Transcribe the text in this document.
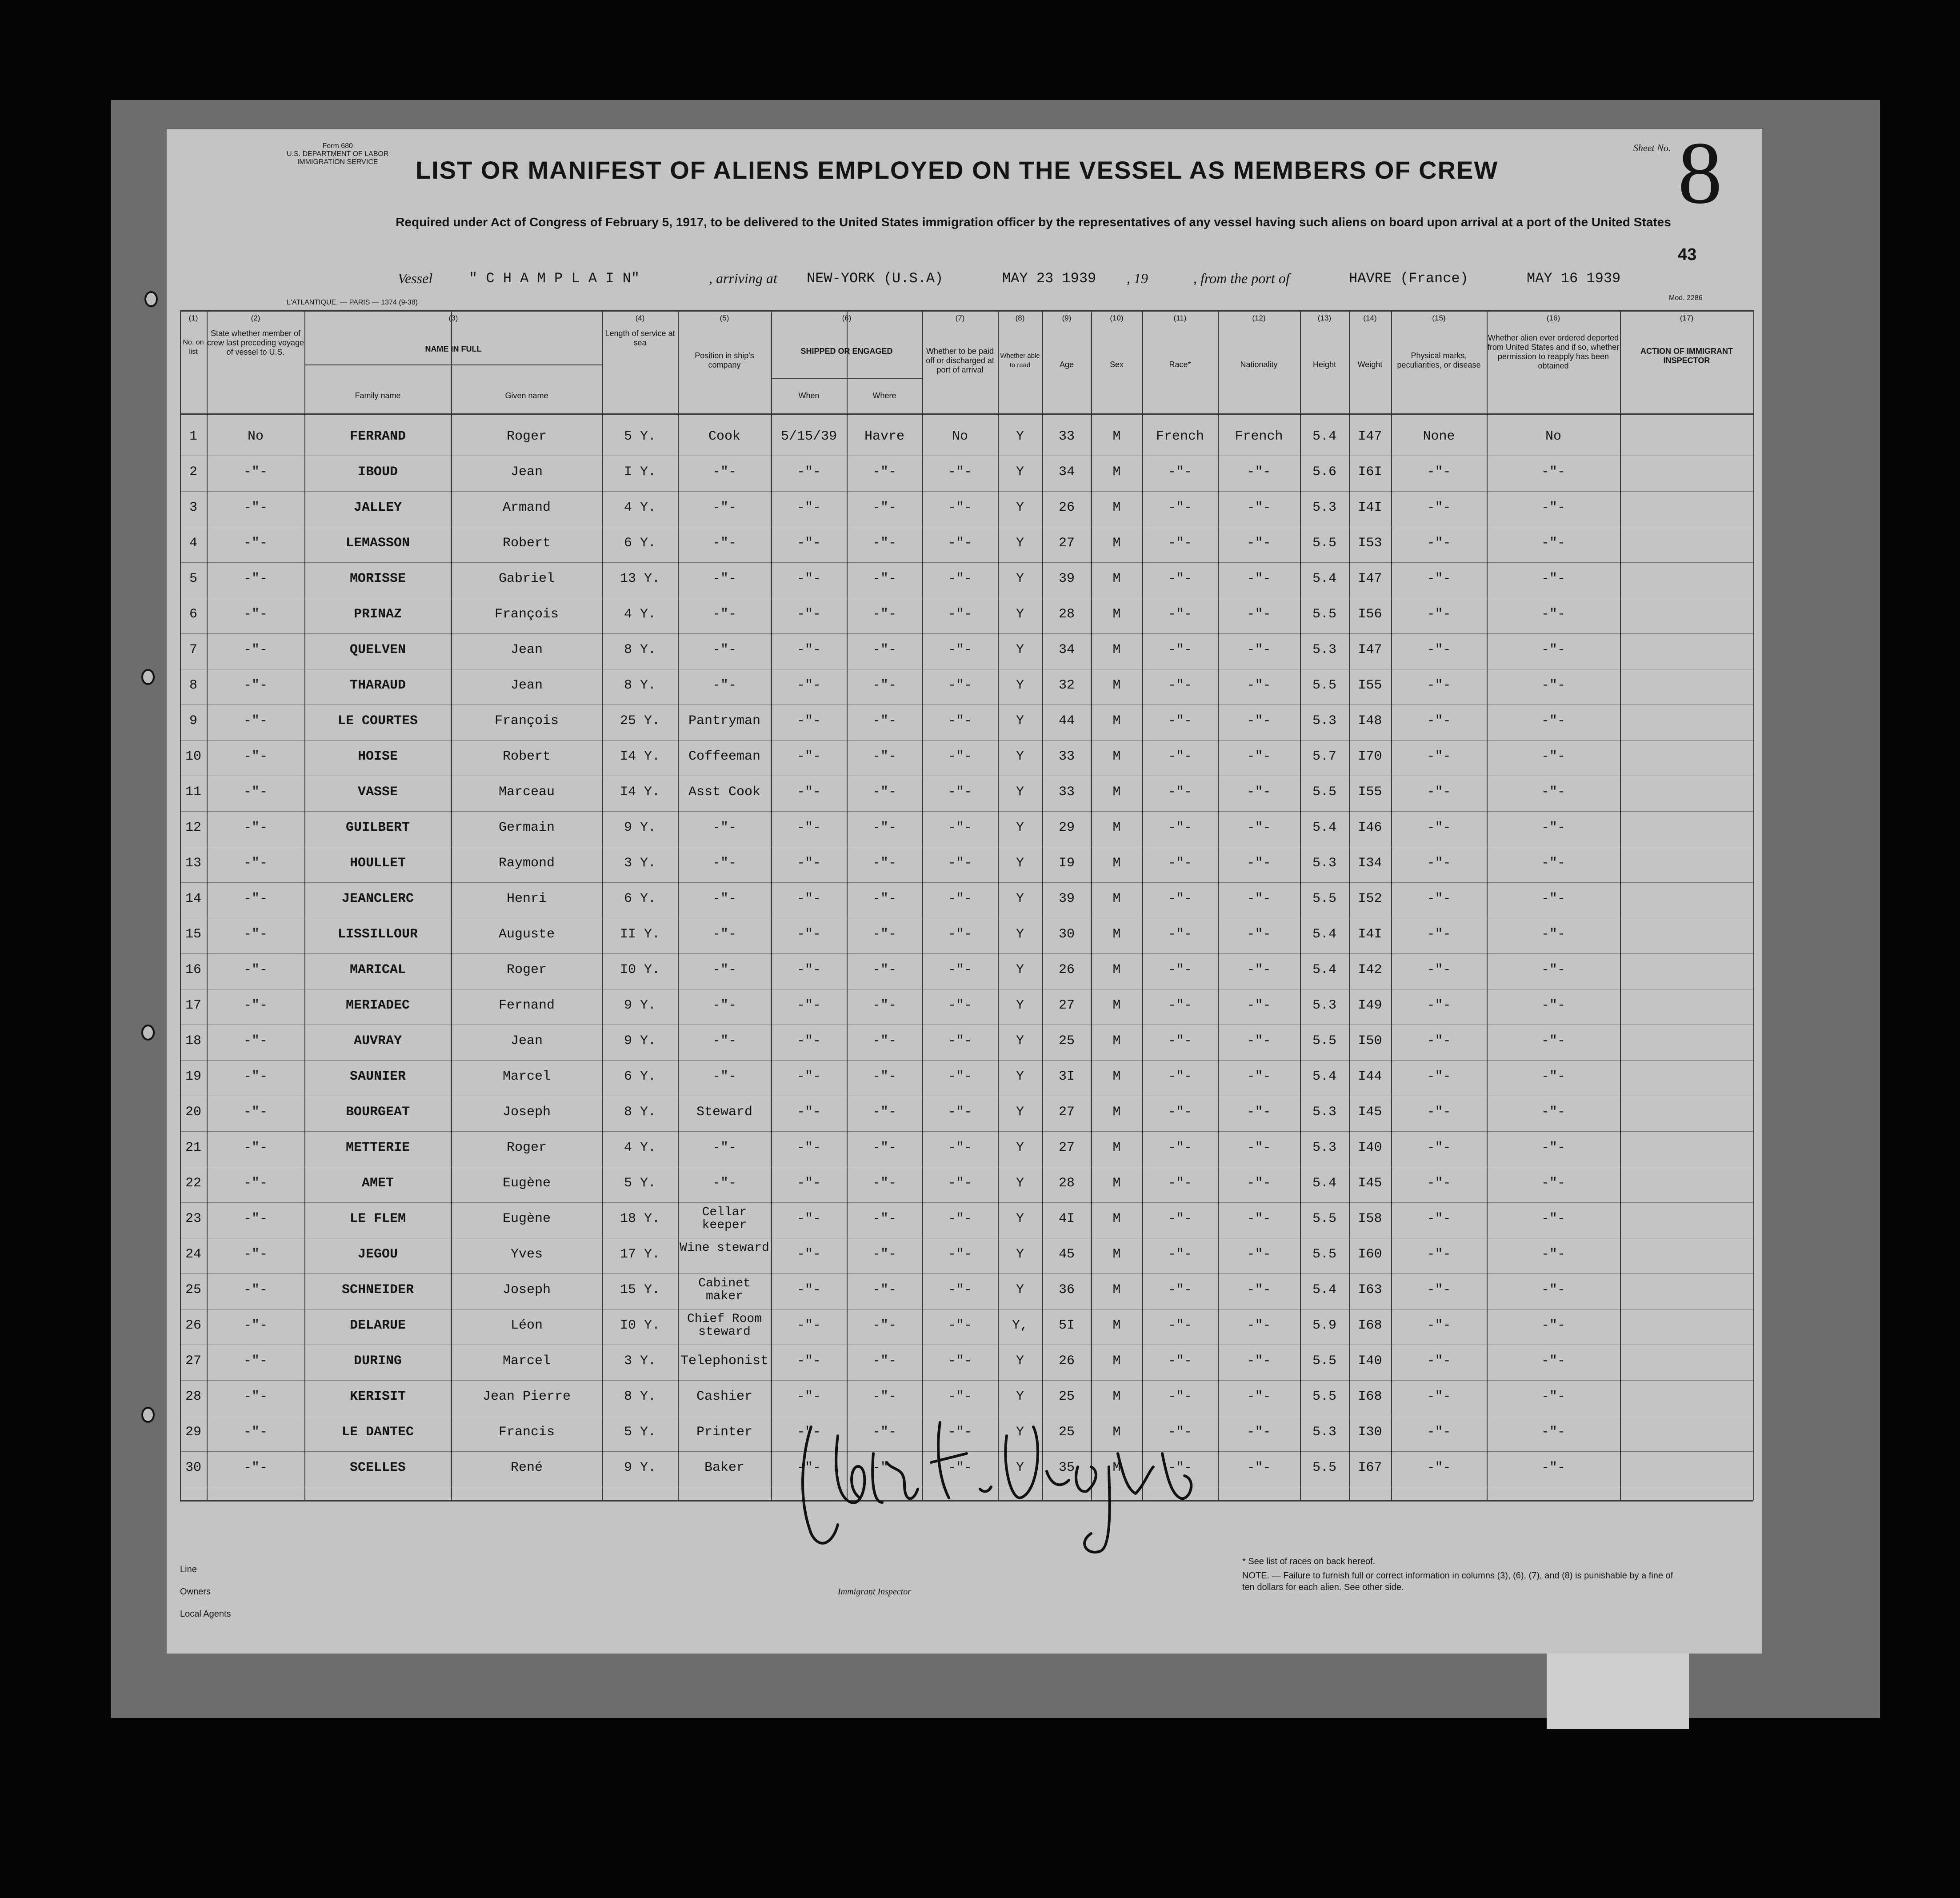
Form 680
U.S. DEPARTMENT OF LABOR
IMMIGRATION SERVICE
Sheet No. 8
LIST OR MANIFEST OF ALIENS EMPLOYED ON THE VESSEL AS MEMBERS OF CREW
Required under Act of Congress of February 5, 1917, to be delivered to the United States immigration officer by the representatives of any vessel having such aliens on board upon arrival at a port of the United States
43
Vessel	" C H A M P L A I N"	, arriving at NEW-YORK (U.S.A)	MAY 23 1939 , 19	, from the port of	HAVRE (France)	MAY 16 1939
L'ATLANTIQUE. — PARIS — 1374 (9-38)
Mod. 2286
(1)	(2)	(3)	(4)	(5)	(6)	(7)	(8)	(9)	(10)	(11)	(12)	(13)	(14)	(15)	(16)	(17)
No. on list
State whether member of crew last preceding voyage of vessel to U.S.	NAME IN FULL
Family name	Given name
Length of service at sea
Position in ship's company
SHIPPED OR ENGAGED
When	Where
Whether to be paid off or discharged at port of arrival
Whether able to read	Age	Sex	Race*	Nationality	Height	Weight
Physical marks, peculiarities, or disease
Whether alien ever ordered deported from United States and if so, whether permission to reapply has been obtained
ACTION OF IMMIGRANT INSPECTOR
1	No	FERRAND	Roger	5 Y.	Cook	5/15/39	Havre	No	Y	33	M	French	French	5.4	I47	None	No
2	-"-	IBOUD	Jean	I Y.	-"-	-"-	-"-	-"-	Y	34	M	-"-	-"-	5.6	I6I	-"-	-"-
3	-"-	JALLEY	Armand	4 Y.	-"-	-"-	-"-	-"-	Y	26	M	-"-	-"-	5.3	I4I	-"-	-"-
4	-"-	LEMASSON	Robert	6 Y.	-"-	-"-	-"-	-"-	Y	27	M	-"-	-"-	5.5	I53	-"-	-"-
5	-"-	MORISSE	Gabriel	13 Y.	-"-	-"-	-"-	-"-	Y	39	M	-"-	-"-	5.4	I47	-"-	-"-
6	-"-	PRINAZ	François	4 Y.	-"-	-"-	-"-	-"-	Y	28	M	-"-	-"-	5.5	I56	-"-	-"-
7	-"-	QUELVEN	Jean	8 Y.	-"-	-"-	-"-	-"-	Y	34	M	-"-	-"-	5.3	I47	-"-	-"-
8	-"-	THARAUD	Jean	8 Y.	-"-	-"-	-"-	-"-	Y	32	M	-"-	-"-	5.5	I55	-"-	-"-
9	-"-	LE COURTES	François	25 Y.	Pantryman	-"-	-"-	-"-	Y	44	M	-"-	-"-	5.3	I48	-"-	-"-
10	-"-	HOISE	Robert	I4 Y.	Coffeeman	-"-	-"-	-"-	Y	33	M	-"-	-"-	5.7	I70	-"-	-"-
11	-"-	VASSE	Marceau	I4 Y.	Asst Cook	-"-	-"-	-"-	Y	33	M	-"-	-"-	5.5	I55	-"-	-"-
12	-"-	GUILBERT	Germain	9 Y.	-"-	-"-	-"-	-"-	Y	29	M	-"-	-"-	5.4	I46	-"-	-"-
13	-"-	HOULLET	Raymond	3 Y.	-"-	-"-	-"-	-"-	Y	I9	M	-"-	-"-	5.3	I34	-"-	-"-
14	-"-	JEANCLERC	Henri	6 Y.	-"-	-"-	-"-	-"-	Y	39	M	-"-	-"-	5.5	I52	-"-	-"-
15	-"-	LISSILLOUR	Auguste	II Y.	-"-	-"-	-"-	-"-	Y	30	M	-"-	-"-	5.4	I4I	-"-	-"-
16	-"-	MARICAL	Roger	I0 Y.	-"-	-"-	-"-	-"-	Y	26	M	-"-	-"-	5.4	I42	-"-	-"-
17	-"-	MERIADEC	Fernand	9 Y.	-"-	-"-	-"-	-"-	Y	27	M	-"-	-"-	5.3	I49	-"-	-"-
18	-"-	AUVRAY	Jean	9 Y.	-"-	-"-	-"-	-"-	Y	25	M	-"-	-"-	5.5	I50	-"-	-"-
19	-"-	SAUNIER	Marcel	6 Y.	-"-	-"-	-"-	-"-	Y	3I	M	-"-	-"-	5.4	I44	-"-	-"-
20	-"-	BOURGEAT	Joseph	8 Y.	Steward	-"-	-"-	-"-	Y	27	M	-"-	-"-	5.3	I45	-"-	-"-
21	-"-	METTERIE	Roger	4 Y.	-"-	-"-	-"-	-"-	Y	27	M	-"-	-"-	5.3	I40	-"-	-"-
22	-"-	AMET	Eugène	5 Y.	-"-	-"-	-"-	-"-	Y	28	M	-"-	-"-	5.4	I45	-"-	-"-
23	-"-	LE FLEM	Eugène	18 Y.	Cellar keeper	-"-	-"-	-"-	Y	4I	M	-"-	-"-	5.5	I58	-"-	-"-
24	-"-	JEGOU	Yves	17 Y.	Wine steward	-"-	-"-	-"-	Y	45	M	-"-	-"-	5.5	I60	-"-	-"-
25	-"-	SCHNEIDER	Joseph	15 Y.	Cabinet maker	-"-	-"-	-"-	Y	36	M	-"-	-"-	5.4	I63	-"-	-"-
26	-"-	DELARUE	Léon	I0 Y.	Chief Room steward	-"-	-"-	-"-	Y,	5I	M	-"-	-"-	5.9	I68	-"-	-"-
27	-"-	DURING	Marcel	3 Y.	Telephonist	-"-	-"-	-"-	Y	26	M	-"-	-"-	5.5	I40	-"-	-"-
28	-"-	KERISIT	Jean Pierre	8 Y.	Cashier	-"-	-"-	-"-	Y	25	M	-"-	-"-	5.5	I68	-"-	-"-
29	-"-	LE DANTEC	Francis	5 Y.	Printer	-"-	-"-	-"-	Y	25	M	-"-	-"-	5.3	I30	-"-	-"-
30	-"-	SCELLES	René	9 Y.	Baker	-"-	-"-	-"-	Y	35	M	-"-	-"-	5.5	I67	-"-	-"-
Line
Owners
Local Agents
Immigrant Inspector
* See list of races on back hereof.
NOTE. — Failure to furnish full or correct information in columns (3), (6), (7), and (8) is punishable by a fine of ten dollars for each alien. See other side.
